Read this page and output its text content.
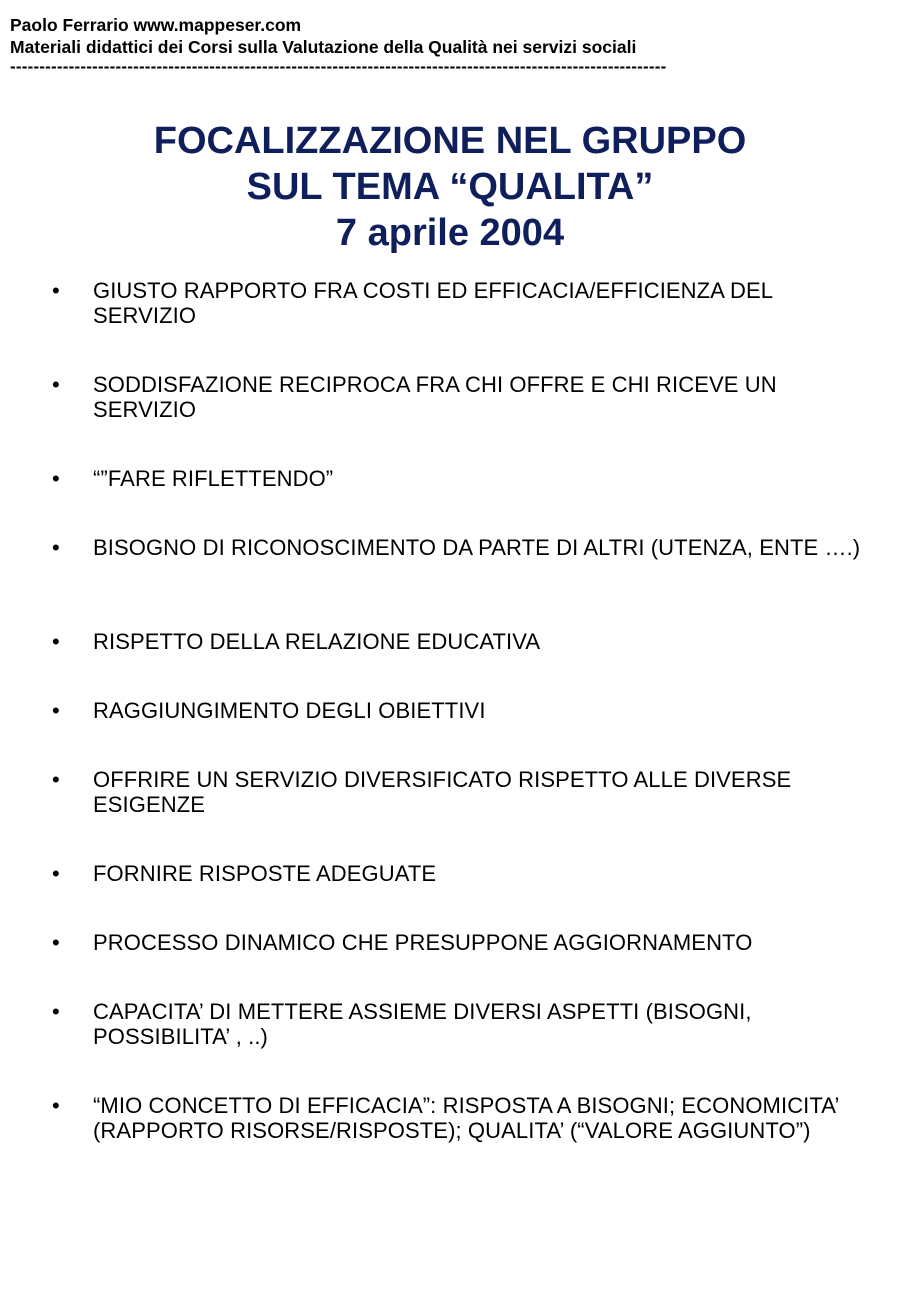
Paolo Ferrario www.mappeser.com
Materiali didattici dei Corsi sulla Valutazione della Qualità nei servizi sociali
----------------------------------------------------------------------------------------------------------------
FOCALIZZAZIONE NEL GRUPPO
SUL TEMA “QUALITA”
7 aprile 2004
• GIUSTO RAPPORTO FRA COSTI ED EFFICACIA/EFFICIENZA DEL SERVIZIO
• SODDISFAZIONE RECIPROCA FRA CHI OFFRE E CHI RICEVE UN SERVIZIO
• “”FARE RIFLETTENDO”
• BISOGNO DI RICONOSCIMENTO DA PARTE DI ALTRI (UTENZA, ENTE ….)
• RISPETTO DELLA RELAZIONE EDUCATIVA
• RAGGIUNGIMENTO DEGLI OBIETTIVI
• OFFRIRE UN SERVIZIO DIVERSIFICATO RISPETTO ALLE DIVERSE ESIGENZE
• FORNIRE RISPOSTE ADEGUATE
• PROCESSO DINAMICO CHE PRESUPPONE AGGIORNAMENTO
• CAPACITA’ DI METTERE ASSIEME DIVERSI ASPETTI (BISOGNI, POSSIBILITA’ , ..)
• “MIO CONCETTO DI EFFICACIA”: RISPOSTA A BISOGNI; ECONOMICITA’ (RAPPORTO RISORSE/RISPOSTE); QUALITA’ (“VALORE AGGIUNTO”)
